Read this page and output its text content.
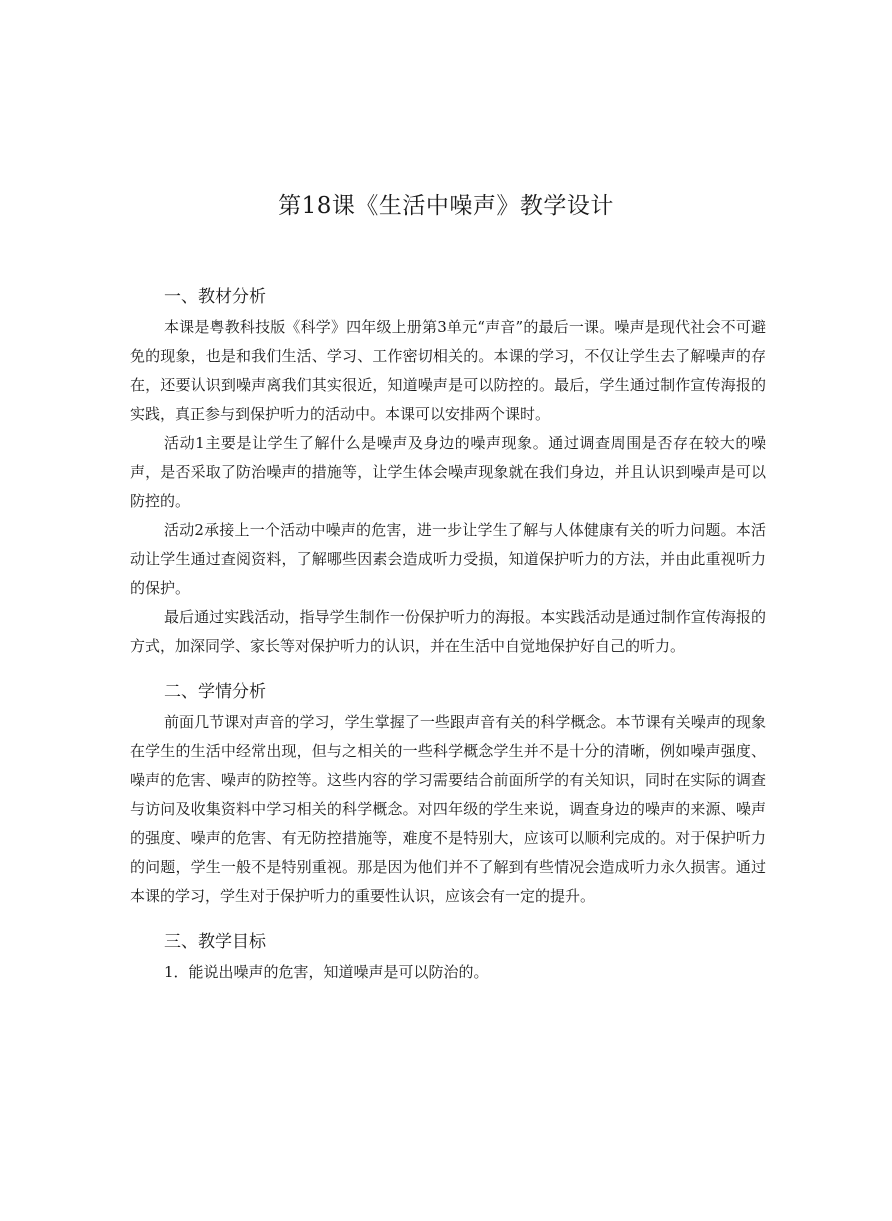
第18课《生活中噪声》教学设计
一、教材分析

本课是粤教科技版《科学》四年级上册第3单元“声音”的最后一课。噪声是现代社会不可避免的现象，也是和我们生活、学习、工作密切相关的。本课的学习，不仅让学生去了解噪声的存在，还要认识到噪声离我们其实很近，知道噪声是可以防控的。最后，学生通过制作宣传海报的实践，真正参与到保护听力的活动中。本课可以安排两个课时。

活动1主要是让学生了解什么是噪声及身边的噪声现象。通过调查周围是否存在较大的噪声，是否采取了防治噪声的措施等，让学生体会噪声现象就在我们身边，并且认识到噪声是可以防控的。

活动2承接上一个活动中噪声的危害，进一步让学生了解与人体健康有关的听力问题。本活动让学生通过查阅资料，了解哪些因素会造成听力受损，知道保护听力的方法，并由此重视听力的保护。

最后通过实践活动，指导学生制作一份保护听力的海报。本实践活动是通过制作宣传海报的方式，加深同学、家长等对保护听力的认识，并在生活中自觉地保护好自己的听力。

二、学情分析

前面几节课对声音的学习，学生掌握了一些跟声音有关的科学概念。本节课有关噪声的现象在学生的生活中经常出现，但与之相关的一些科学概念学生并不是十分的清晰，例如噪声强度、噪声的危害、噪声的防控等。这些内容的学习需要结合前面所学的有关知识，同时在实际的调查与访问及收集资料中学习相关的科学概念。对四年级的学生来说，调查身边的噪声的来源、噪声的强度、噪声的危害、有无防控措施等，难度不是特别大，应该可以顺利完成的。对于保护听力的问题，学生一般不是特别重视。那是因为他们并不了解到有些情况会造成听力永久损害。通过本课的学习，学生对于保护听力的重要性认识，应该会有一定的提升。

三、教学目标

1．能说出噪声的危害，知道噪声是可以防治的。
